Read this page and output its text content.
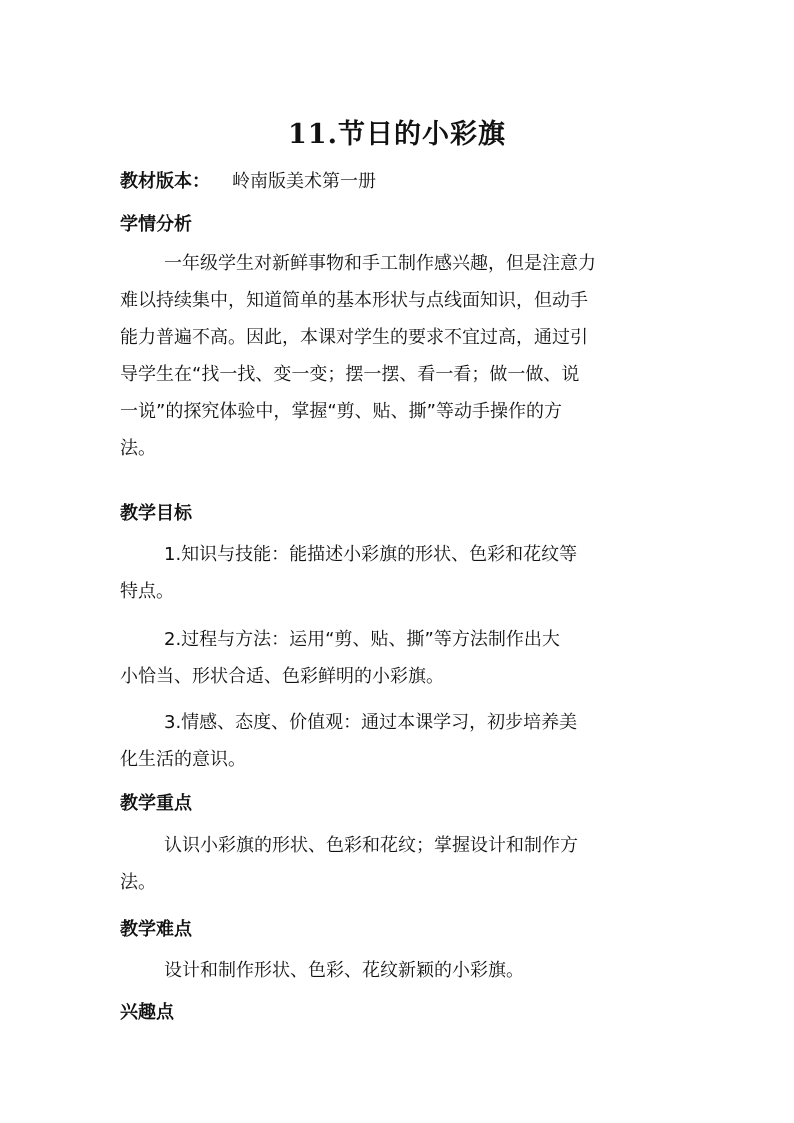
11.节日的小彩旗
教材版本： 岭南版美术第一册
学情分析
一年级学生对新鲜事物和手工制作感兴趣，但是注意力
难以持续集中，知道简单的基本形状与点线面知识，但动手
能力普遍不高。因此，本课对学生的要求不宜过高，通过引
导学生在“找一找、变一变；摆一摆、看一看；做一做、说
一说”的探究体验中，掌握“剪、贴、撕”等动手操作的方
法。
教学目标
1.知识与技能：能描述小彩旗的形状、色彩和花纹等
特点。
2.过程与方法：运用“剪、贴、撕”等方法制作出大
小恰当、形状合适、色彩鲜明的小彩旗。
3.情感、态度、价值观：通过本课学习，初步培养美
化生活的意识。
教学重点
认识小彩旗的形状、色彩和花纹；掌握设计和制作方
法。
教学难点
设计和制作形状、色彩、花纹新颖的小彩旗。
兴趣点
